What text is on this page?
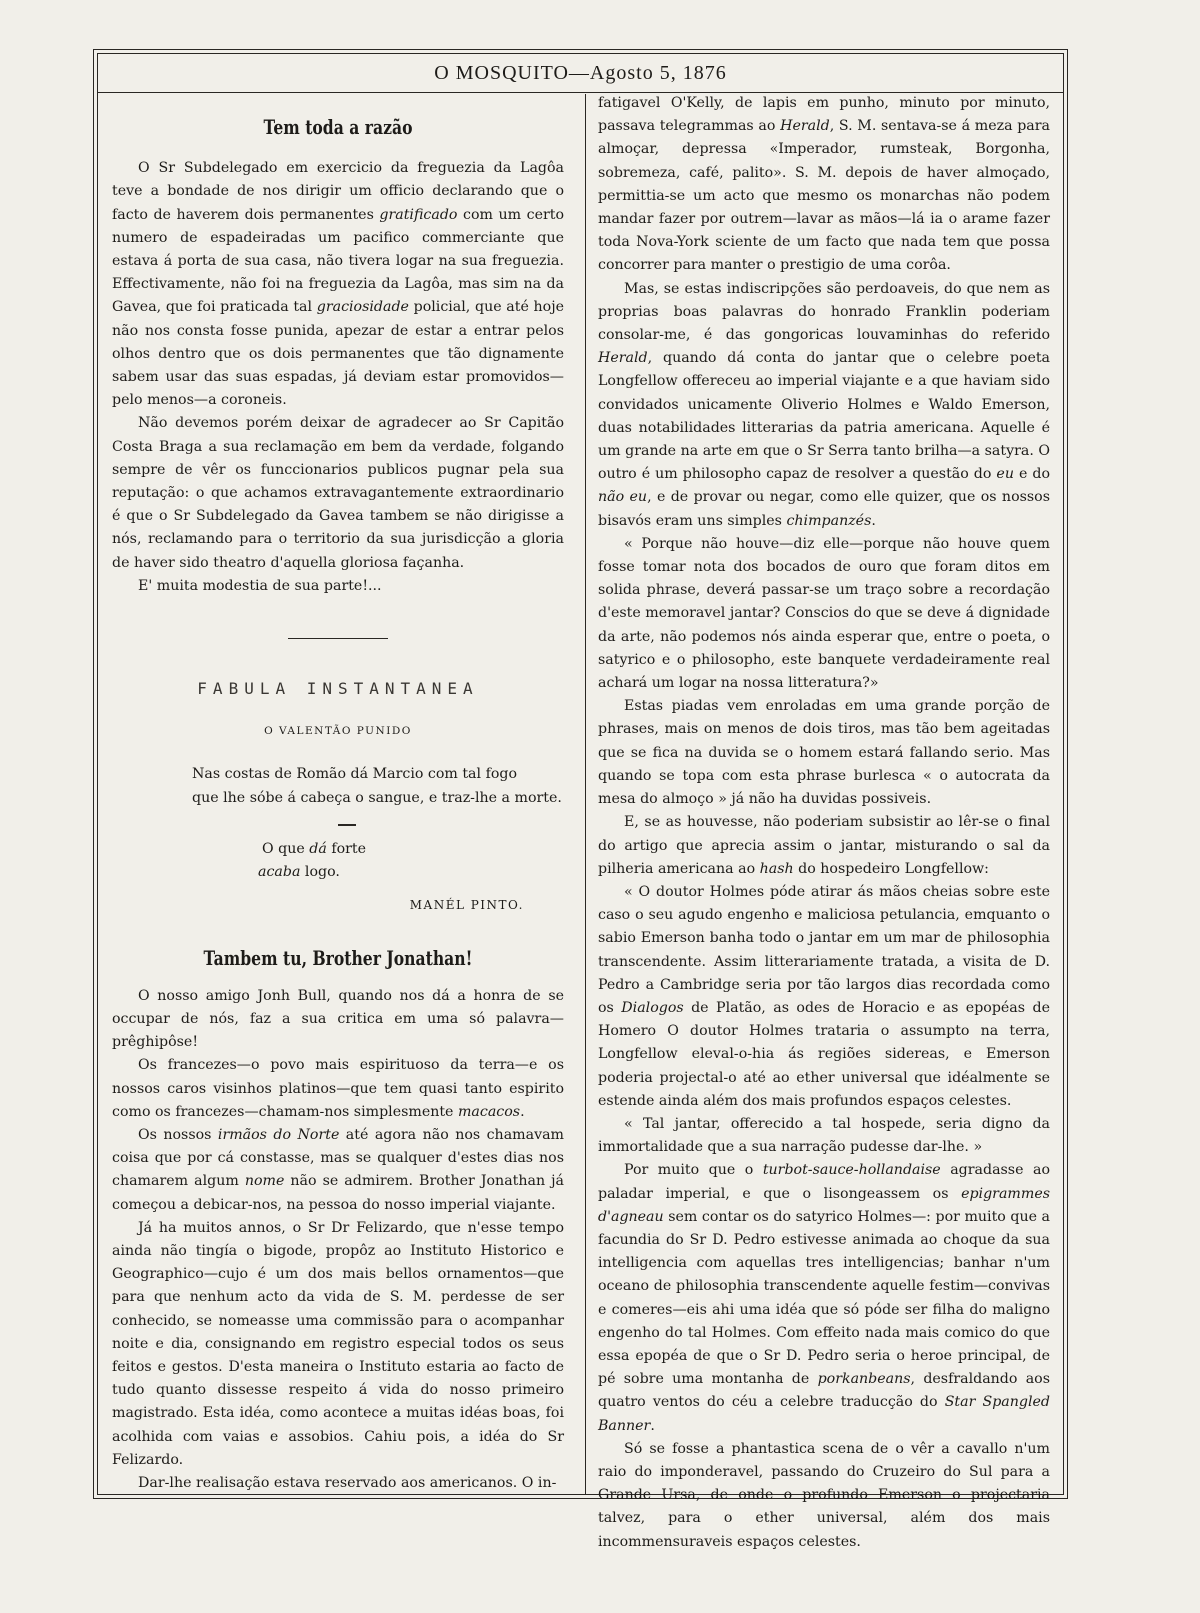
O MOSQUITO—Agosto 5, 1876

Tem toda a razão

O Sr Subdelegado em exercicio da freguezia da Lagôa teve a bondade de nos dirigir um officio declarando que o facto de haverem dois permanentes gratificado com um certo numero de espadeiradas um pacifico commerciante que estava á porta de sua casa, não tivera logar na sua freguezia. Effectivamente, não foi na freguezia da Lagôa, mas sim na da Gavea, que foi praticada tal graciosidade policial, que até hoje não nos consta fosse punida, apezar de estar a entrar pelos olhos dentro que os dois permanentes que tão dignamente sabem usar das suas espadas, já deviam estar promovidos—pelo menos—a coroneis.

Não devemos porém deixar de agradecer ao Sr Capitão Costa Braga a sua reclamação em bem da verdade, folgando sempre de vêr os funccionarios publicos pugnar pela sua reputação: o que achamos extravagantemente extraordinario é que o Sr Subdelegado da Gavea tambem se não dirigisse a nós, reclamando para o territorio da sua jurisdicção a gloria de haver sido theatro d'aquella gloriosa façanha.

E' muita modestia de sua parte!...

FABULA INSTANTANEA

O VALENTÃO PUNIDO

Nas costas de Romão dá Marcio com tal fogo

que lhe sóbe á cabeça o sangue, e traz-lhe a morte.

O que dá forte

acaba logo.

MANÉL PINTO.

Tambem tu, Brother Jonathan!

O nosso amigo Jonh Bull, quando nos dá a honra de se occupar de nós, faz a sua critica em uma só palavra—prêghipôse!

Os francezes—o povo mais espirituoso da terra—e os nossos caros visinhos platinos—que tem quasi tanto espirito como os francezes—chamam-nos simplesmente macacos.

Os nossos irmãos do Norte até agora não nos chamavam coisa que por cá constasse, mas se qualquer d'estes dias nos chamarem algum nome não se admirem. Brother Jonathan já começou a debicar-nos, na pessoa do nosso imperial viajante.

Já ha muitos annos, o Sr Dr Felizardo, que n'esse tempo ainda não tingía o bigode, propôz ao Instituto Historico e Geographico—cujo é um dos mais bellos ornamentos—que para que nenhum acto da vida de S. M. perdesse de ser conhecido, se nomeasse uma commissão para o acompanhar noite e dia, consignando em registro especial todos os seus feitos e gestos. D'esta maneira o Instituto estaria ao facto de tudo quanto dissesse respeito á vida do nosso primeiro magistrado. Esta idéa, como acontece a muitas idéas boas, foi acolhida com vaias e assobios. Cahiu pois, a idéa do Sr Felizardo.

Dar-lhe realisação estava reservado aos americanos. O in-

fatigavel O'Kelly, de lapis em punho, minuto por minuto, passava telegrammas ao Herald, S. M. sentava-se á meza para almoçar, depressa «Imperador, rumsteak, Borgonha, sobremeza, café, palito». S. M. depois de haver almoçado, permittia-se um acto que mesmo os monarchas não podem mandar fazer por outrem—lavar as mãos—lá ia o arame fazer toda Nova-York sciente de um facto que nada tem que possa concorrer para manter o prestigio de uma corôa.

Mas, se estas indiscripções são perdoaveis, do que nem as proprias boas palavras do honrado Franklin poderiam consolar-me, é das gongoricas louvaminhas do referido Herald, quando dá conta do jantar que o celebre poeta Longfellow offereceu ao imperial viajante e a que haviam sido convidados unicamente Oliverio Holmes e Waldo Emerson, duas notabilidades litterarias da patria americana. Aquelle é um grande na arte em que o Sr Serra tanto brilha—a satyra. O outro é um philosopho capaz de resolver a questão do eu e do não eu, e de provar ou negar, como elle quizer, que os nossos bisavós eram uns simples chimpanzés.

« Porque não houve—diz elle—porque não houve quem fosse tomar nota dos bocados de ouro que foram ditos em solida phrase, deverá passar-se um traço sobre a recordação d'este memoravel jantar? Conscios do que se deve á dignidade da arte, não podemos nós ainda esperar que, entre o poeta, o satyrico e o philosopho, este banquete verdadeiramente real achará um logar na nossa litteratura?»

Estas piadas vem enroladas em uma grande porção de phrases, mais on menos de dois tiros, mas tão bem ageitadas que se fica na duvida se o homem estará fallando serio. Mas quando se topa com esta phrase burlesca « o autocrata da mesa do almoço » já não ha duvidas possiveis.

E, se as houvesse, não poderiam subsistir ao lêr-se o final do artigo que aprecia assim o jantar, misturando o sal da pilheria americana ao hash do hospedeiro Longfellow:

« O doutor Holmes póde atirar ás mãos cheias sobre este caso o seu agudo engenho e maliciosa petulancia, emquanto o sabio Emerson banha todo o jantar em um mar de philosophia transcendente. Assim litterariamente tratada, a visita de D. Pedro a Cambridge seria por tão largos dias recordada como os Dialogos de Platão, as odes de Horacio e as epopéas de Homero O doutor Holmes trataria o assumpto na terra, Longfellow eleval-o-hia ás regiões sidereas, e Emerson poderia projectal-o até ao ether universal que idéalmente se estende ainda além dos mais profundos espaços celestes.

« Tal jantar, offerecido a tal hospede, seria digno da immortalidade que a sua narração pudesse dar-lhe. »

Por muito que o turbot-sauce-hollandaise agradasse ao paladar imperial, e que o lisongeassem os epigrammes d'agneau sem contar os do satyrico Holmes—: por muito que a facundia do Sr D. Pedro estivesse animada ao choque da sua intelligencia com aquellas tres intelligencias; banhar n'um oceano de philosophia transcendente aquelle festim—convivas e comeres—eis ahi uma idéa que só póde ser filha do maligno engenho do tal Holmes. Com effeito nada mais comico do que essa epopéa de que o Sr D. Pedro seria o heroe principal, de pé sobre uma montanha de porkanbeans, desfraldando aos quatro ventos do céu a celebre traducção do Star Spangled Banner.

Só se fosse a phantastica scena de o vêr a cavallo n'um raio do imponderavel, passando do Cruzeiro do Sul para a Grande Ursa, de onde o profundo Emerson o projectaria talvez, para o ether universal, além dos mais incommensuraveis espaços celestes.
